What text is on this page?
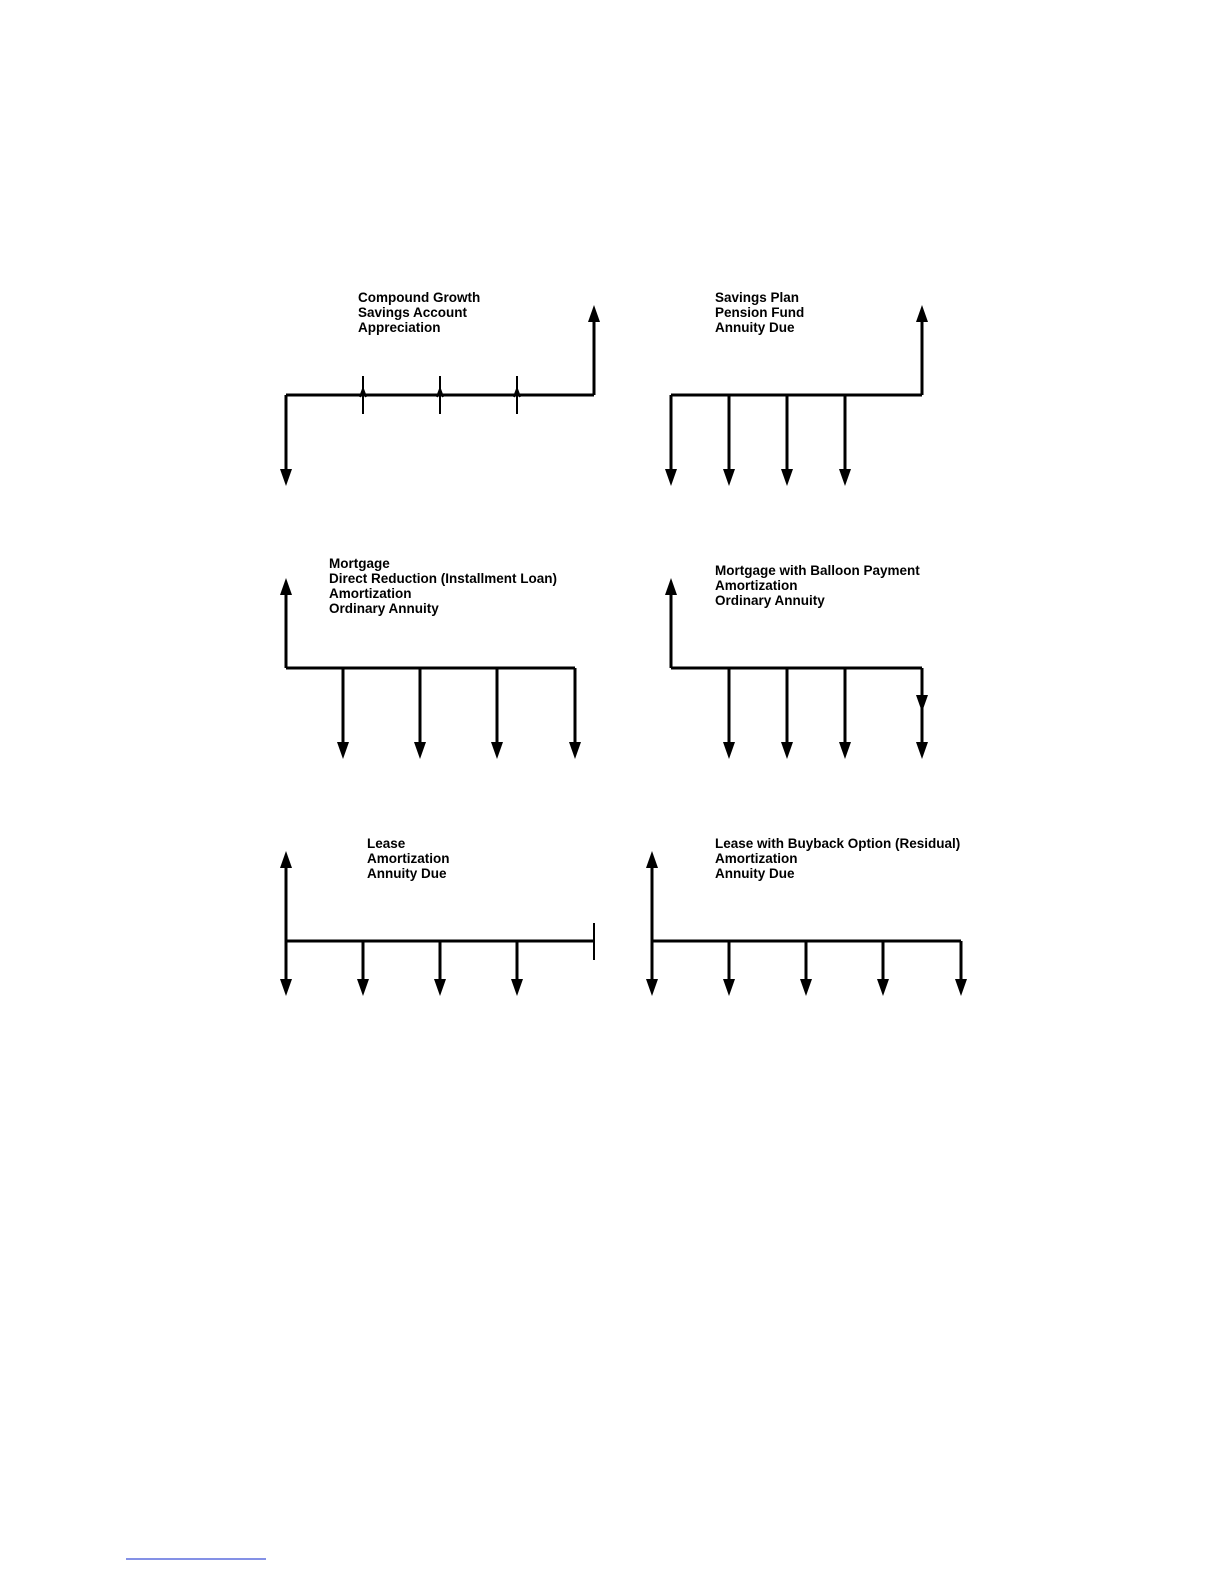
Compound Growth
Savings Account
Appreciation
Savings Plan
Pension Fund
Annuity Due
Mortgage
Direct Reduction (Installment Loan)
Amortization
Ordinary Annuity
Mortgage with Balloon Payment
Amortization
Ordinary Annuity
Lease
Amortization
Annuity Due
Lease with Buyback Option (Residual)
Amortization
Annuity Due
